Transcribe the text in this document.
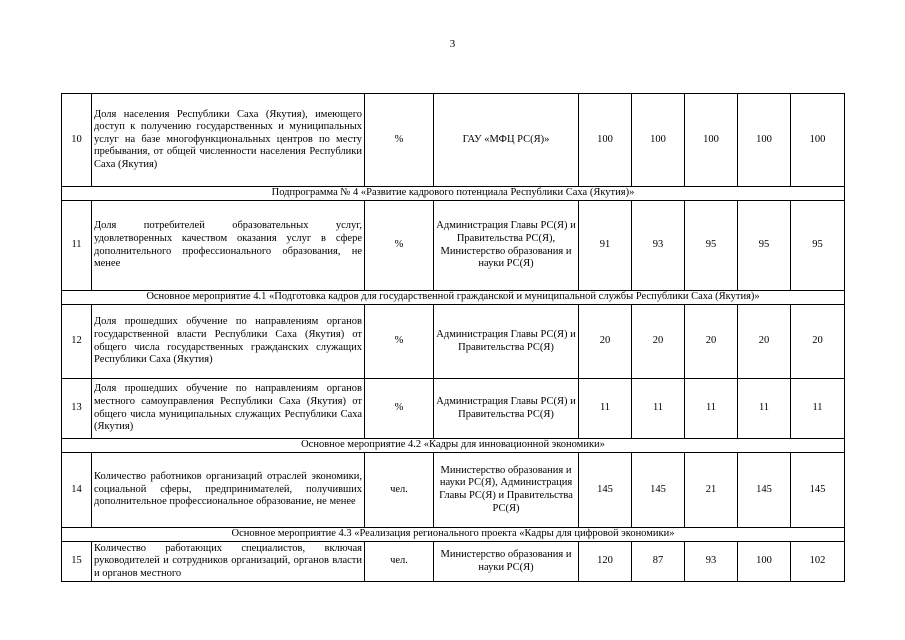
3
10	Доля населения Республики Саха (Якутия), имеющего доступ к получению государственных и муниципальных услуг на базе многофункциональных центров по месту пребывания, от общей численности населения Республики Саха (Якутия)	%	ГАУ «МФЦ РС(Я)»	100	100	100	100	100
Подпрограмма № 4 «Развитие кадрового потенциала Республики Саха (Якутия)»								
11	Доля потребителей образовательных услуг, удовлетворенных качеством оказания услуг в сфере дополнительного профессионального образования, не менее	%	Администрация Главы РС(Я) и Правительства РС(Я), Министерство образования и науки РС(Я)	91	93	95	95	95
Основное мероприятие 4.1 «Подготовка кадров для государственной гражданской и муниципальной службы Республики Саха (Якутия)»								
12	Доля прошедших обучение по направлениям органов государственной власти Республики Саха (Якутия) от общего числа государственных гражданских служащих Республики Саха (Якутия)	%	Администрация Главы РС(Я) и Правительства РС(Я)	20	20	20	20	20
13	Доля прошедших обучение по направлениям органов местного самоуправления Республики Саха (Якутия) от общего числа муниципальных служащих Республики Саха (Якутия)	%	Администрация Главы РС(Я) и Правительства РС(Я)	11	11	11	11	11
Основное мероприятие 4.2 «Кадры для инновационной экономики»								
14	Количество работников организаций отраслей экономики, социальной сферы, предпринимателей, получивших дополнительное профессиональное образование, не менее	чел.	Министерство образования и науки РС(Я), Администрация Главы РС(Я) и Правительства РС(Я)	145	145	21	145	145
Основное мероприятие 4.3 «Реализация регионального проекта «Кадры для цифровой экономики»								
15	Количество работающих специалистов, включая руководителей и сотрудников организаций, органов власти и органов местного	чел.	Министерство образования и науки РС(Я)	120	87	93	100	102
